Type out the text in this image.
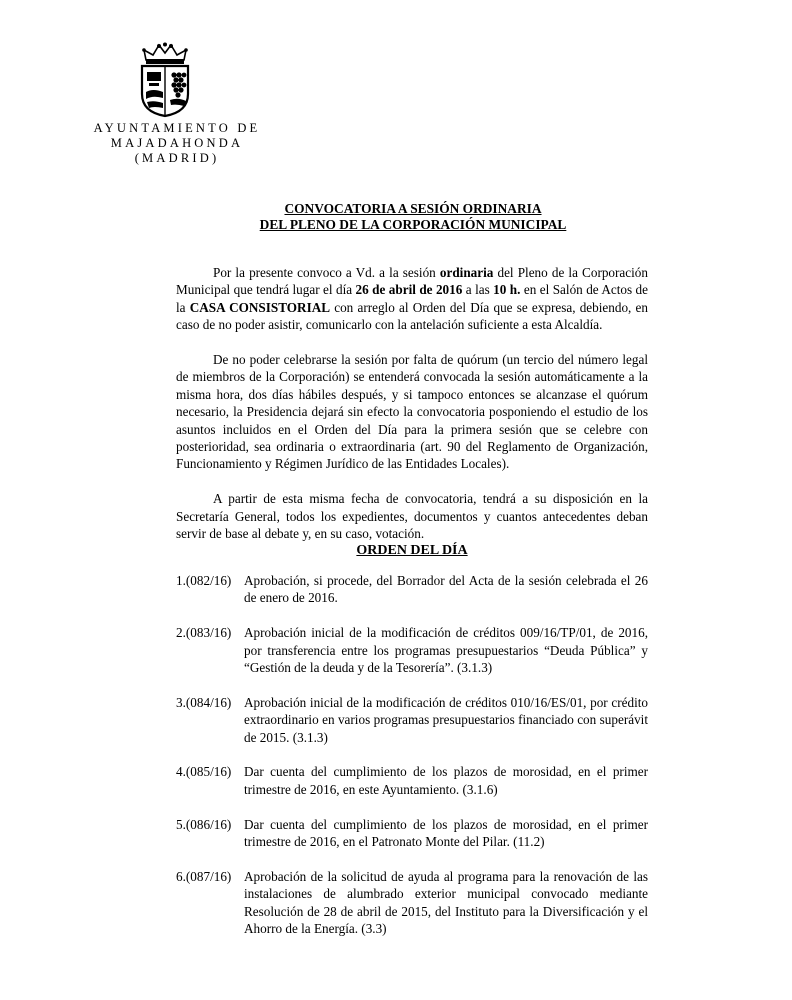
AYUNTAMIENTO DE
MAJADAHONDA
(MADRID)
CONVOCATORIA A SESIÓN ORDINARIA
DEL PLENO DE LA CORPORACIÓN MUNICIPAL

Por la presente convoco a Vd. a la sesión ordinaria del Pleno de la Corporación Municipal que tendrá lugar el día 26 de abril de 2016 a las 10 h. en el Salón de Actos de la CASA CONSISTORIAL con arreglo al Orden del Día que se expresa, debiendo, en caso de no poder asistir, comunicarlo con la antelación suficiente a esta Alcaldía.

De no poder celebrarse la sesión por falta de quórum (un tercio del número legal de miembros de la Corporación) se entenderá convocada la sesión automáticamente a la misma hora, dos días hábiles después, y si tampoco entonces se alcanzase el quórum necesario, la Presidencia dejará sin efecto la convocatoria posponiendo el estudio de los asuntos incluidos en el Orden del Día para la primera sesión que se celebre con posterioridad, sea ordinaria o extraordinaria (art. 90 del Reglamento de Organización, Funcionamiento y Régimen Jurídico de las Entidades Locales).

A partir de esta misma fecha de convocatoria, tendrá a su disposición en la Secretaría General, todos los expedientes, documentos y cuantos antecedentes deban servir de base al debate y, en su caso, votación.

ORDEN DEL DÍA
1.(082/16) Aprobación, si procede, del Borrador del Acta de la sesión celebrada el 26 de enero de 2016.
2.(083/16) Aprobación inicial de la modificación de créditos 009/16/TP/01, de 2016, por transferencia entre los programas presupuestarios “Deuda Pública” y “Gestión de la deuda y de la Tesorería”. (3.1.3)
3.(084/16) Aprobación inicial de la modificación de créditos 010/16/ES/01, por crédito extraordinario en varios programas presupuestarios financiado con superávit de 2015. (3.1.3)
4.(085/16) Dar cuenta del cumplimiento de los plazos de morosidad, en el primer trimestre de 2016, en este Ayuntamiento. (3.1.6)
5.(086/16) Dar cuenta del cumplimiento de los plazos de morosidad, en el primer trimestre de 2016, en el Patronato Monte del Pilar. (11.2)
6.(087/16) Aprobación de la solicitud de ayuda al programa para la renovación de las instalaciones de alumbrado exterior municipal convocado mediante Resolución de 28 de abril de 2015, del Instituto para la Diversificación y el Ahorro de la Energía. (3.3)
